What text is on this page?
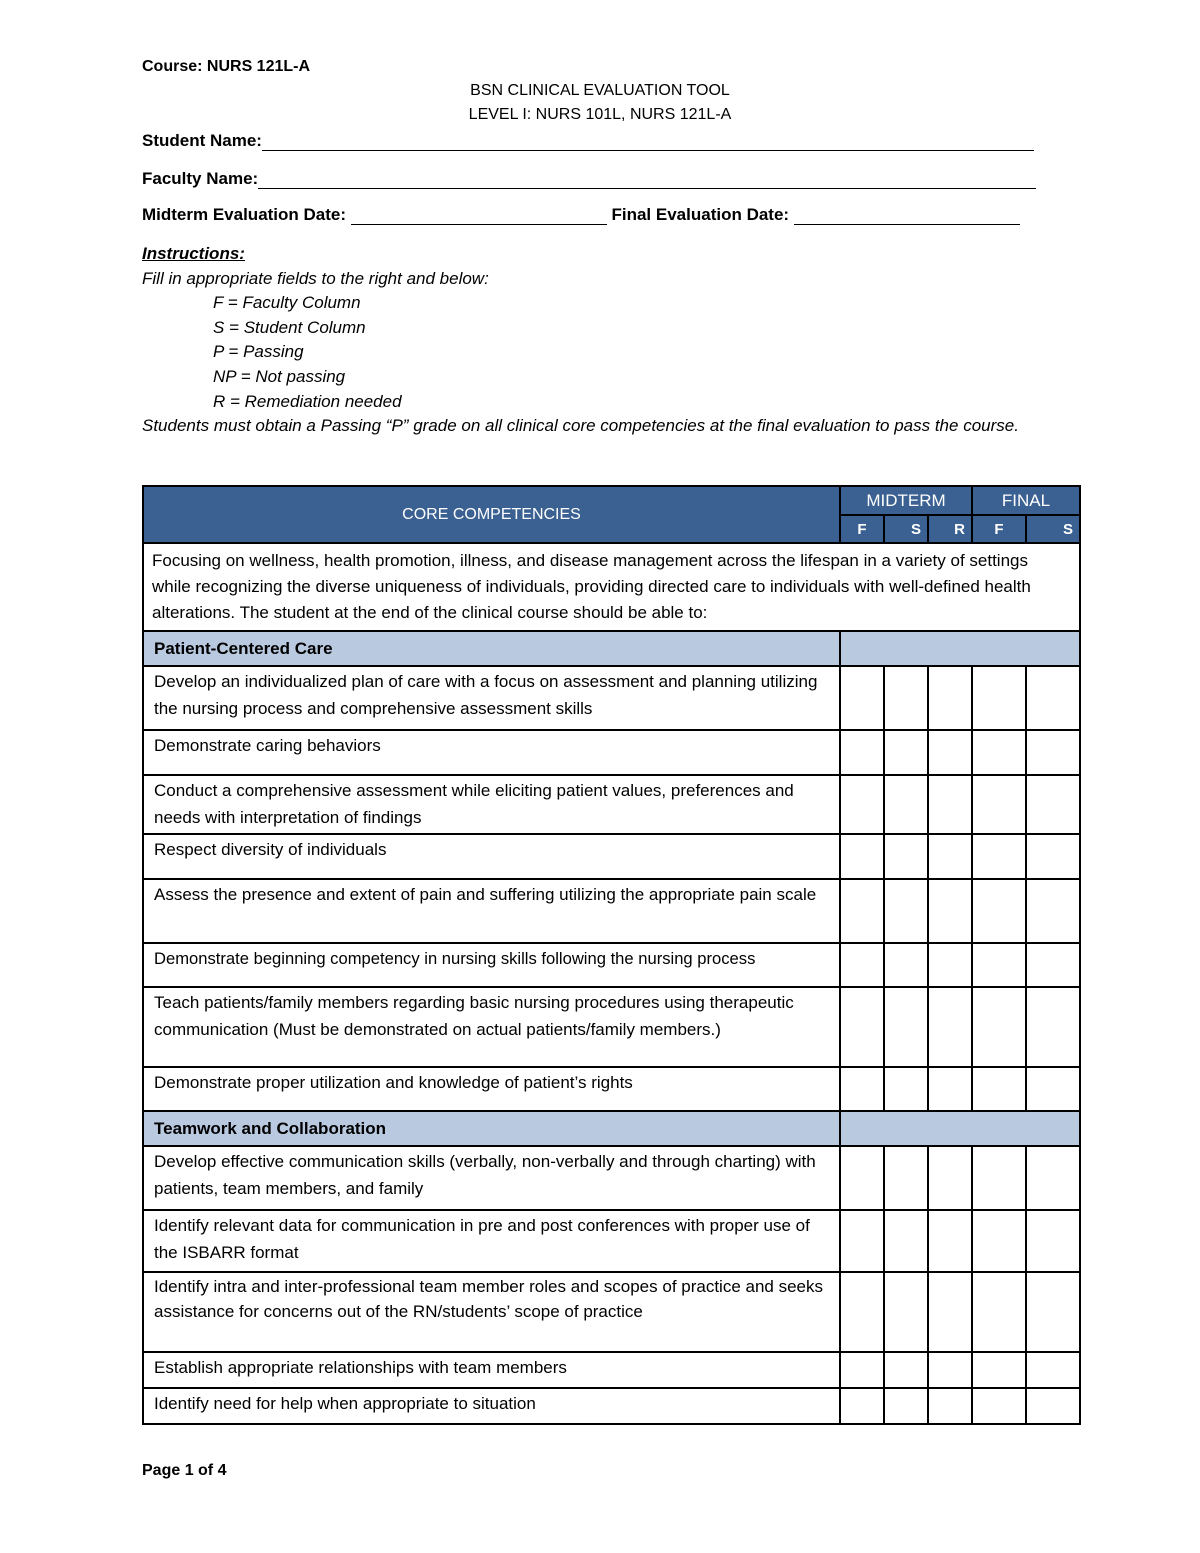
Course: NURS 121L-A
BSN CLINICAL EVALUATION TOOL
LEVEL I: NURS 101L, NURS 121L-A
Student Name:
Faculty Name:
Midterm Evaluation Date:	Final Evaluation Date:
Instructions:
Fill in appropriate fields to the right and below:
F = Faculty Column
S = Student Column
P = Passing
NP = Not passing
R = Remediation needed
Students must obtain a Passing “P” grade on all clinical core competencies at the final evaluation to pass the course.
CORE COMPETENCIES	MIDTERM			FINAL	
	F	S	R	F	S
Focusing on wellness, health promotion, illness, and disease management across the lifespan in a variety of settings while recognizing the diverse uniqueness of individuals, providing directed care to individuals with well-defined health alterations. The student at the end of the clinical course should be able to:					
Patient-Centered Care					
Develop an individualized plan of care with a focus on assessment and planning utilizing the nursing process and comprehensive assessment skills					
Demonstrate caring behaviors					
Conduct a comprehensive assessment while eliciting patient values, preferences and needs with interpretation of findings					
Respect diversity of individuals					
Assess the presence and extent of pain and suffering utilizing the appropriate pain scale					
Demonstrate beginning competency in nursing skills following the nursing process					
Teach patients/family members regarding basic nursing procedures using therapeutic communication (Must be demonstrated on actual patients/family members.)					
Demonstrate proper utilization and knowledge of patient’s rights					
Teamwork and Collaboration					
Develop effective communication skills (verbally, non-verbally and through charting) with patients, team members, and family					
Identify relevant data for communication in pre and post conferences with proper use of the ISBARR format					
Identify intra and inter-professional team member roles and scopes of practice and seeks assistance for concerns out of the RN/students’ scope of practice					
Establish appropriate relationships with team members					
Identify need for help when appropriate to situation					
Page 1 of 4
